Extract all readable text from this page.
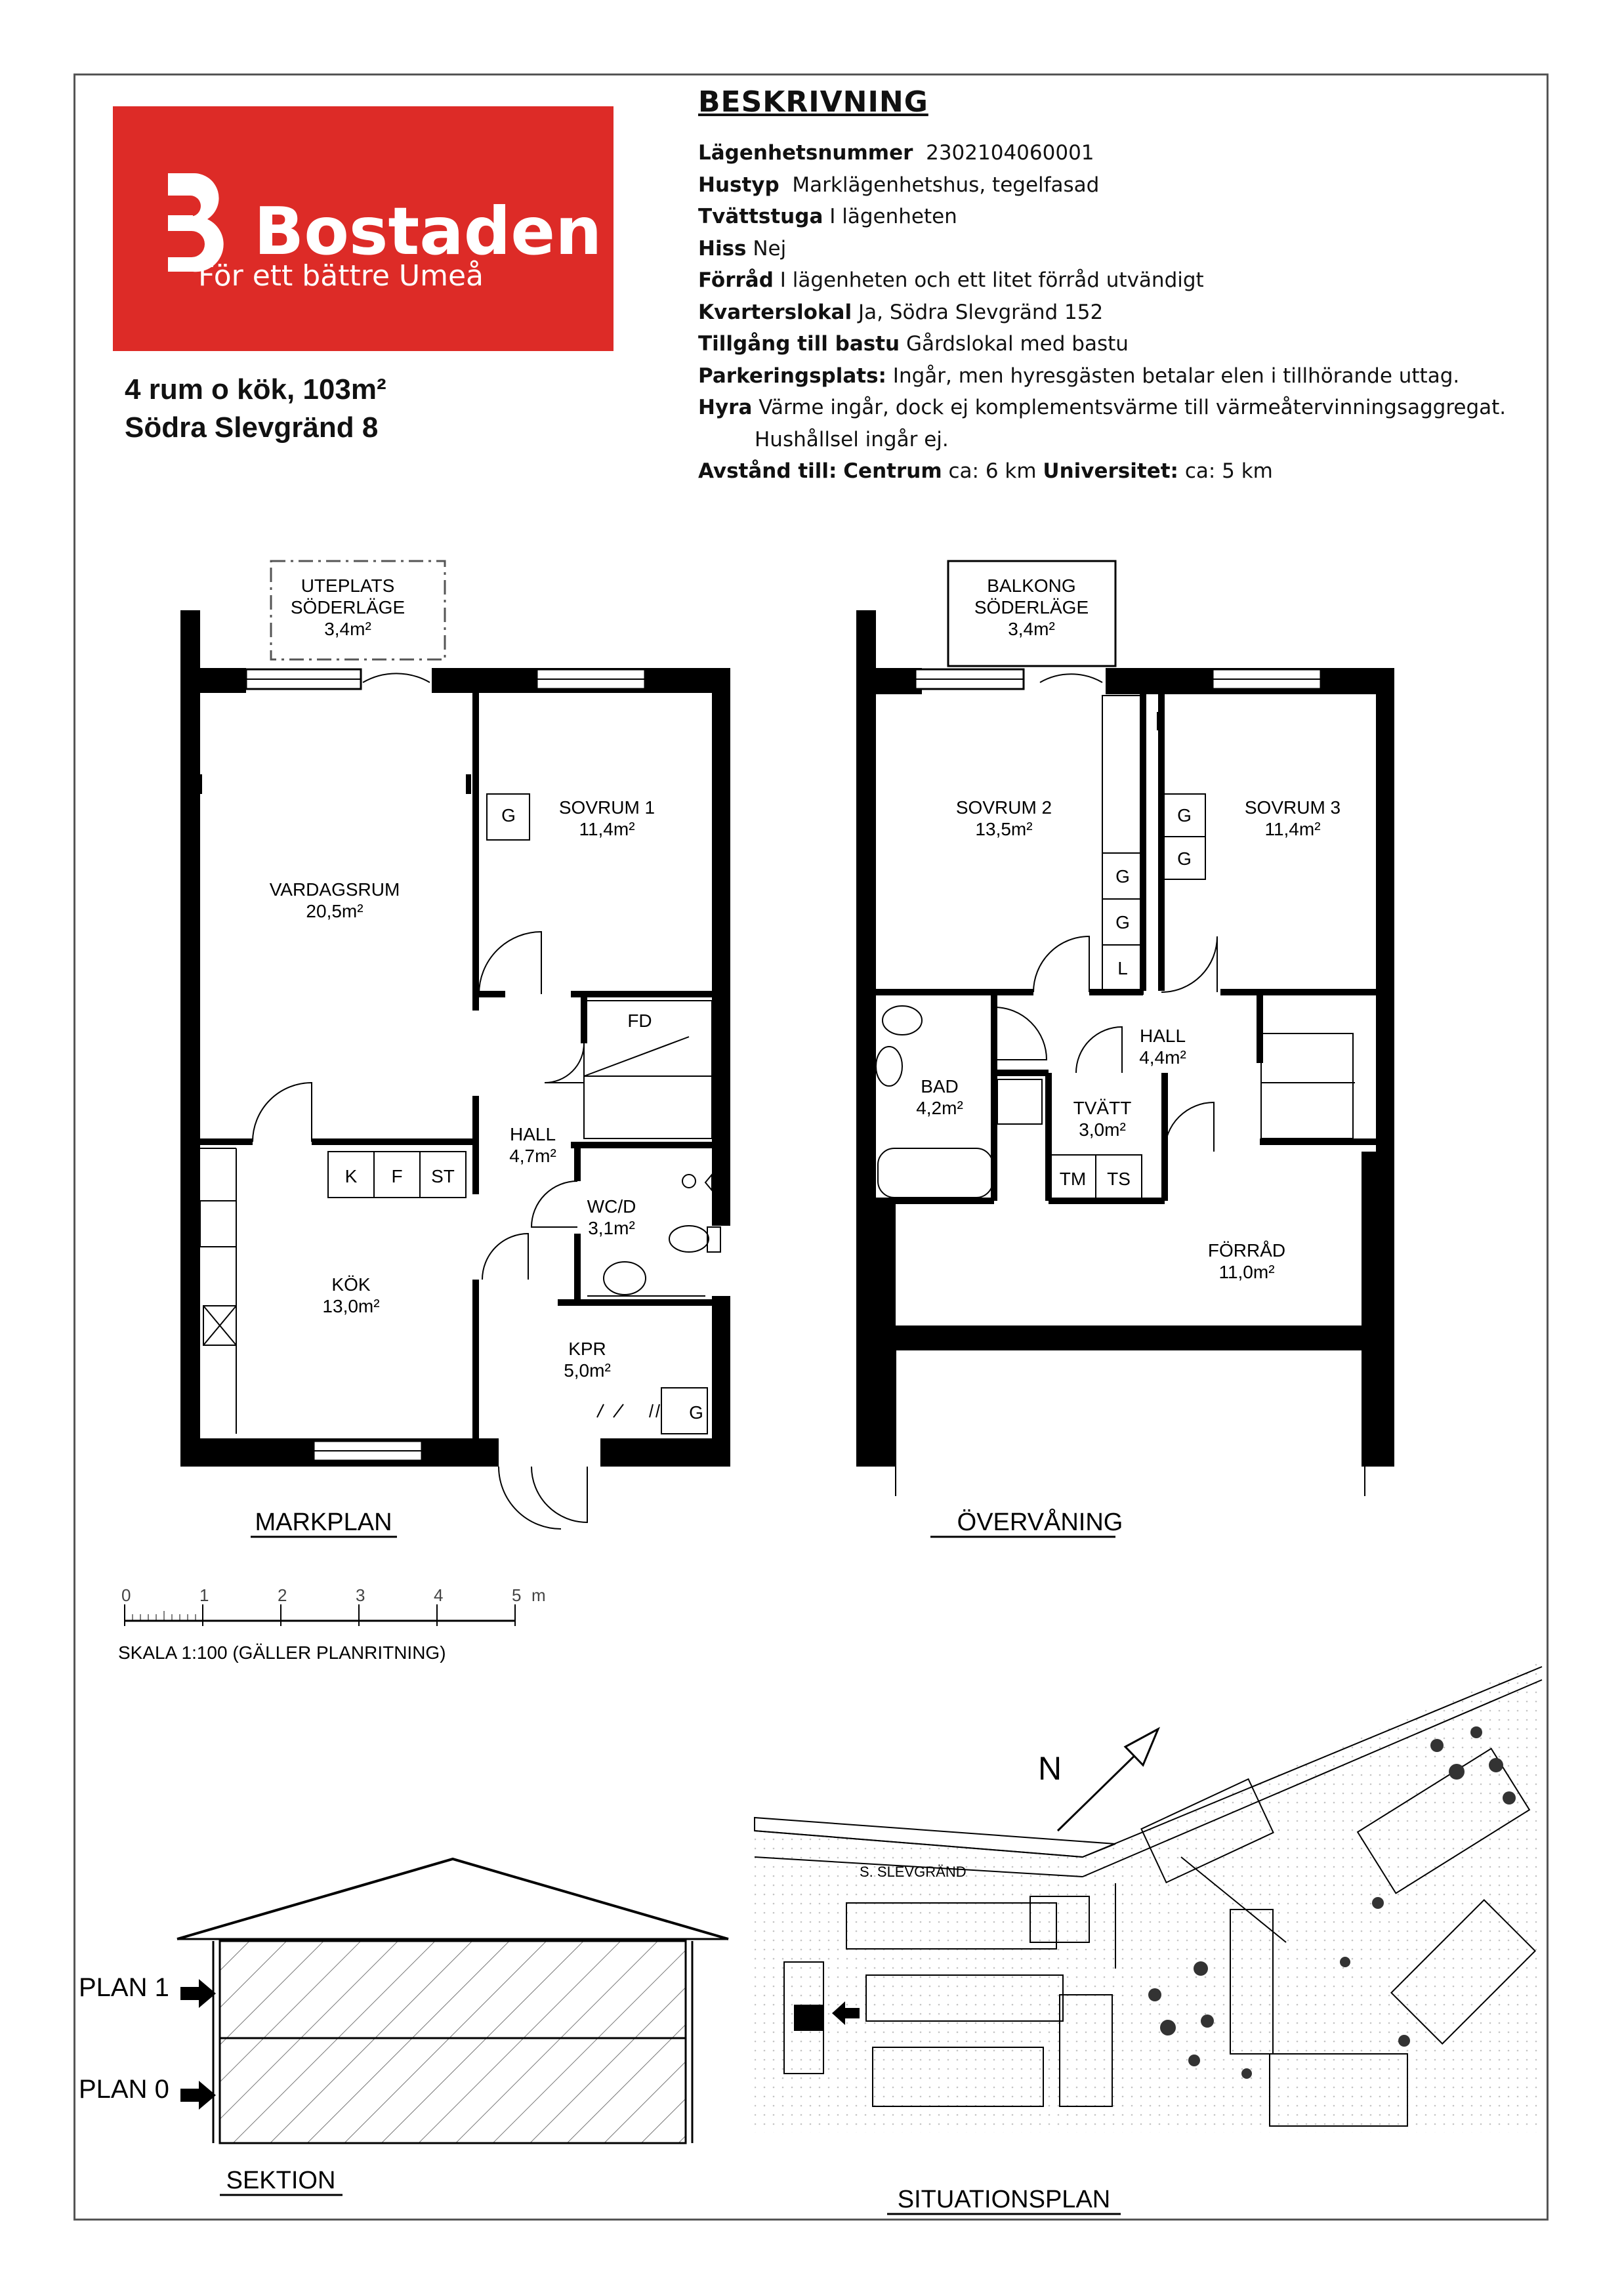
Bostaden
För ett bättre Umeå
4 rum o kök, 103m²
Södra Slevgränd 8
BESKRIVNING
Lägenhetsnummer 2302104060001
Hustyp Marklägenhetshus, tegelfasad
Tvättstuga I lägenheten
Hiss Nej
Förråd I lägenheten och ett litet förråd utvändigt
Kvarterslokal Ja, Södra Slevgränd 152
Tillgång till bastu Gårdslokal med bastu
Parkeringsplats: Ingår, men hyresgästen betalar elen i tillhörande uttag.
Hyra Värme ingår, dock ej komplementsvärme till värmeåtervinningsaggregat.
Hushållsel ingår ej.
Avstånd till: Centrum ca: 6 km Universitet: ca: 5 km
UTEPLATS
SÖDERLÄGE
3,4m²
VARDAGSRUM
20,5m²
SOVRUM 1
11,4m²
G
FD
HALL
4,7m²
WC/D
3,1m²
K F ST
KÖK
13,0m²
KPR
5,0m²
G
MARKPLAN
BALKONG
SÖDERLÄGE
3,4m²
SOVRUM 2
13,5m²
SOVRUM 3
11,4m²
G
G
G
G
L
HALL
4,4m²
BAD
4,2m²	TVÄTT
3,0m²
TM TS
FÖRRÅD
11,0m²
ÖVERVÅNING
0	1	2	3	4	5 m
SKALA 1:100 (GÄLLER PLANRITNING)
PLAN 1
PLAN 0
SEKTION
S. SLEVGRÄND
N
SITUATIONSPLAN
